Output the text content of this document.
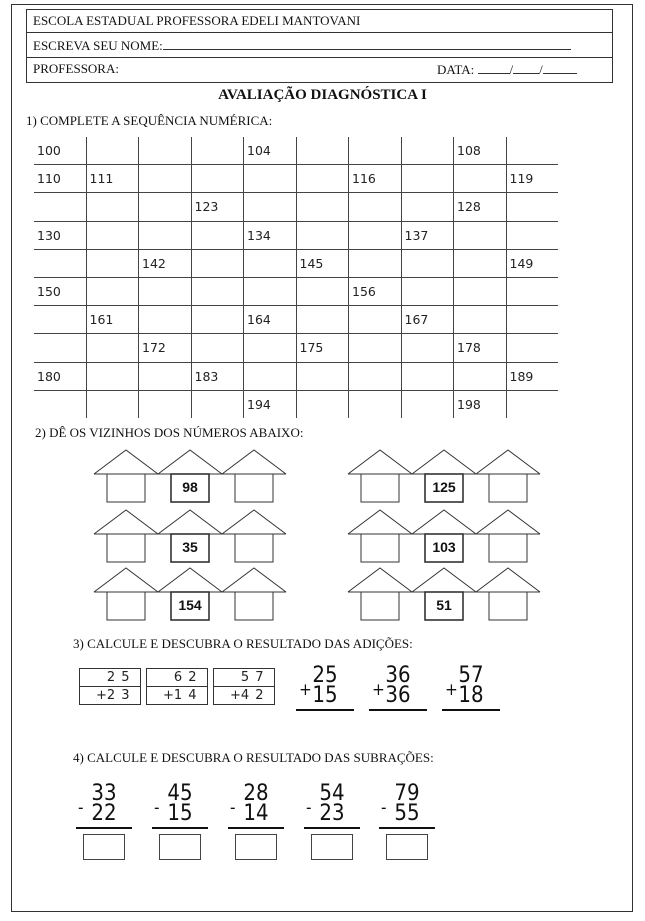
ESCOLA ESTADUAL PROFESSORA EDELI MANTOVANI
ESCREVA SEU NOME:
PROFESSORA:	DATA:	/ /
AVALIAÇÃO DIAGNÓSTICA I
1) COMPLETE A SEQUÊNCIA NUMÉRICA:
100				104				108	
110	111					116			119
			123					128	
130				134			137		
		142			145				149
150						156			
	161			164			167		
		172			175			178	
180			183						189
				194				198	
2) DÊ OS VIZINHOS DOS NÚMEROS ABAIXO:
98	125
35	103
154	51
3) CALCULE E DESCUBRA O RESULTADO DAS ADIÇÕES:
2	5
+2	3
6	2
+1	4
5	7
+4	2
25
15
+
36
36
+
57
18
+
4) CALCULE E DESCUBRA O RESULTADO DAS SUBRAÇÕES:
33
22
-
45
15
-
28
14
-
54
23
-
79
55
-
